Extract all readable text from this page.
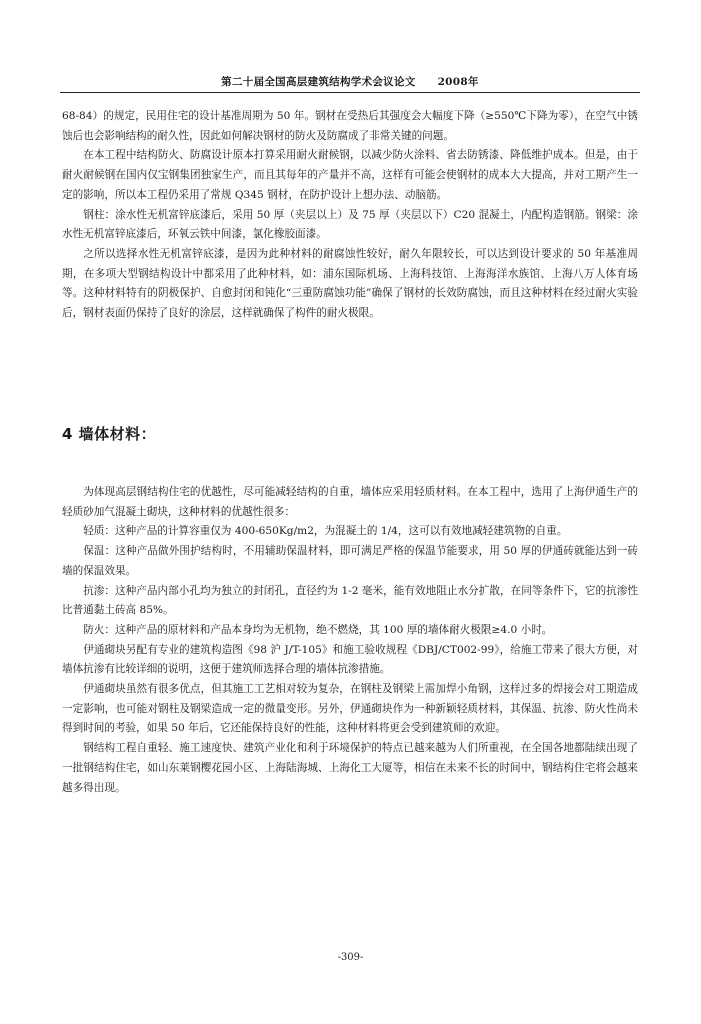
第二十届全国高层建筑结构学术会议论文 2008年

68-84）的规定，民用住宅的设计基准周期为 50 年。钢材在受热后其强度会大幅度下降（≥550℃下降为零），在空气中锈蚀后也会影响结构的耐久性，因此如何解决钢材的防火及防腐成了非常关键的问题。

在本工程中结构防火、防腐设计原本打算采用耐火耐候钢，以减少防火涂料、省去防锈漆、降低维护成本。但是，由于耐火耐候钢在国内仅宝钢集团独家生产，而且其每年的产量并不高，这样有可能会使钢材的成本大大提高，并对工期产生一定的影响，所以本工程仍采用了常规 Q345 钢材，在防护设计上想办法、动脑筋。

钢柱：涂水性无机富锌底漆后，采用 50 厚（夹层以上）及 75 厚（夹层以下）C20 混凝土，内配构造钢筋。钢梁：涂水性无机富锌底漆后，环氧云铁中间漆，氯化橡胶面漆。

之所以选择水性无机富锌底漆，是因为此种材料的耐腐蚀性较好，耐久年限较长，可以达到设计要求的 50 年基准周期，在多项大型钢结构设计中都采用了此种材料，如：浦东国际机场、上海科技馆、上海海洋水族馆、上海八万人体育场等。这种材料特有的阴极保护、自愈封闭和钝化“三重防腐蚀功能”确保了钢材的长效防腐蚀，而且这种材料在经过耐火实验后，钢材表面仍保持了良好的涂层，这样就确保了构件的耐火极限。

4 墙体材料：

为体现高层钢结构住宅的优越性，尽可能减轻结构的自重，墙体应采用轻质材料。在本工程中，选用了上海伊通生产的轻质砂加气混凝土砌块，这种材料的优越性很多：

轻质：这种产品的计算容重仅为 400-650Kg/m2，为混凝土的 1/4，这可以有效地减轻建筑物的自重。

保温：这种产品做外围护结构时，不用辅助保温材料，即可满足严格的保温节能要求，用 50 厚的伊通砖就能达到一砖墙的保温效果。

抗渗：这种产品内部小孔均为独立的封闭孔，直径约为 1-2 毫米，能有效地阻止水分扩散，在同等条件下，它的抗渗性比普通黏土砖高 85%。

防火：这种产品的原材料和产品本身均为无机物，绝不燃烧，其 100 厚的墙体耐火极限≥4.0 小时。

伊通砌块另配有专业的建筑构造图《98 沪 J/T-105》和施工验收规程《DBJ/CT002-99》，给施工带来了很大方便，对墙体抗渗有比较详细的说明，这便于建筑师选择合理的墙体抗渗措施。

伊通砌块虽然有很多优点，但其施工工艺相对较为复杂，在钢柱及钢梁上需加焊小角钢，这样过多的焊接会对工期造成一定影响，也可能对钢柱及钢梁造成一定的微量变形。另外，伊通砌块作为一种新颖轻质材料，其保温、抗渗、防火性尚未得到时间的考验，如果 50 年后，它还能保持良好的性能，这种材料将更会受到建筑师的欢迎。

钢结构工程自重轻、施工速度快、建筑产业化和利于环境保护的特点已越来越为人们所重视，在全国各地都陆续出现了一批钢结构住宅，如山东莱钢樱花园小区、上海陆海城、上海化工大厦等，相信在未来不长的时间中，钢结构住宅将会越来越多得出现。

-309-
